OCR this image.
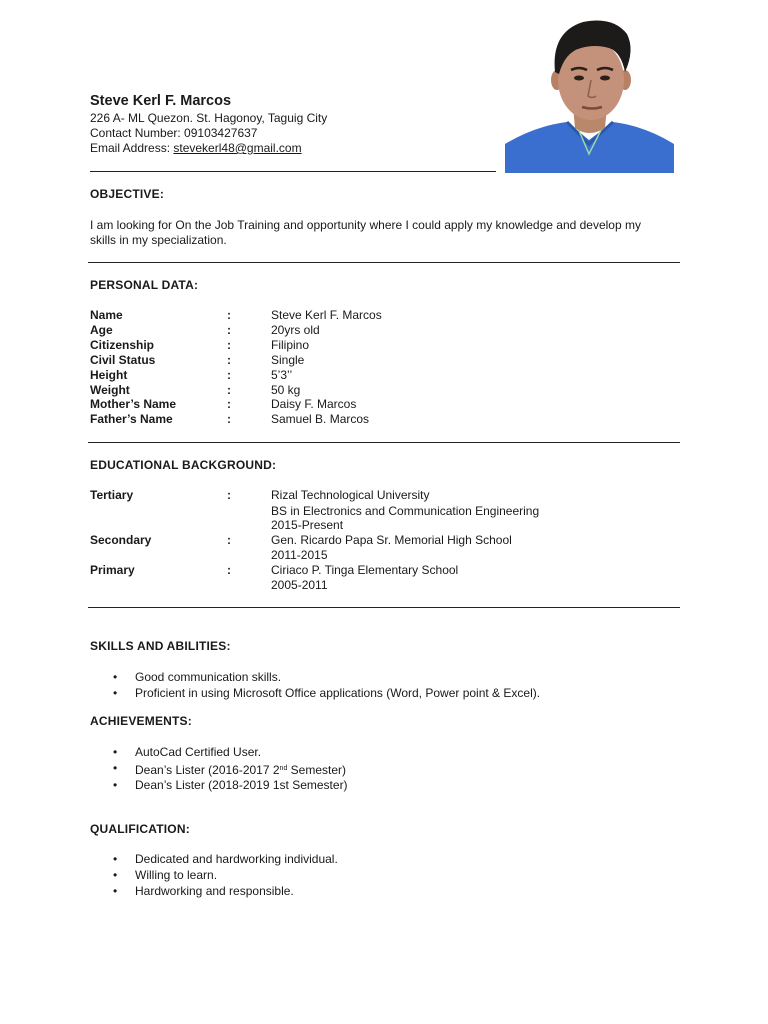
Steve Kerl F. Marcos
226 A- ML Quezon. St. Hagonoy, Taguig City
Contact Number: 09103427637
Email Address: stevekerl48@gmail.com
OBJECTIVE:
I am looking for On the Job Training and opportunity where I could apply my knowledge and develop my
skills in my specialization.
PERSONAL DATA:
Name	:	Steve Kerl F. Marcos
Age	:	20yrs old
Citizenship	:	Filipino
Civil Status	:	Single
Height	:	5’3’’
Weight	:	50 kg
Mother’s Name	:	Daisy F. Marcos
Father’s Name	:	Samuel B. Marcos
EDUCATIONAL BACKGROUND:
Tertiary	:	Rizal Technological University
BS in Electronics and Communication Engineering
2015-Present
Secondary	:	Gen. Ricardo Papa Sr. Memorial High School
2011-2015
Primary	:	Ciriaco P. Tinga Elementary School
2005-2011
SKILLS AND ABILITIES:
• Good communication skills.
• Proficient in using Microsoft Office applications (Word, Power point & Excel).
ACHIEVEMENTS:
• AutoCad Certified User.
• Dean’s Lister (2016-2017 2nd Semester)
• Dean’s Lister (2018-2019 1st Semester)
QUALIFICATION:
• Dedicated and hardworking individual.
• Willing to learn.
• Hardworking and responsible.
